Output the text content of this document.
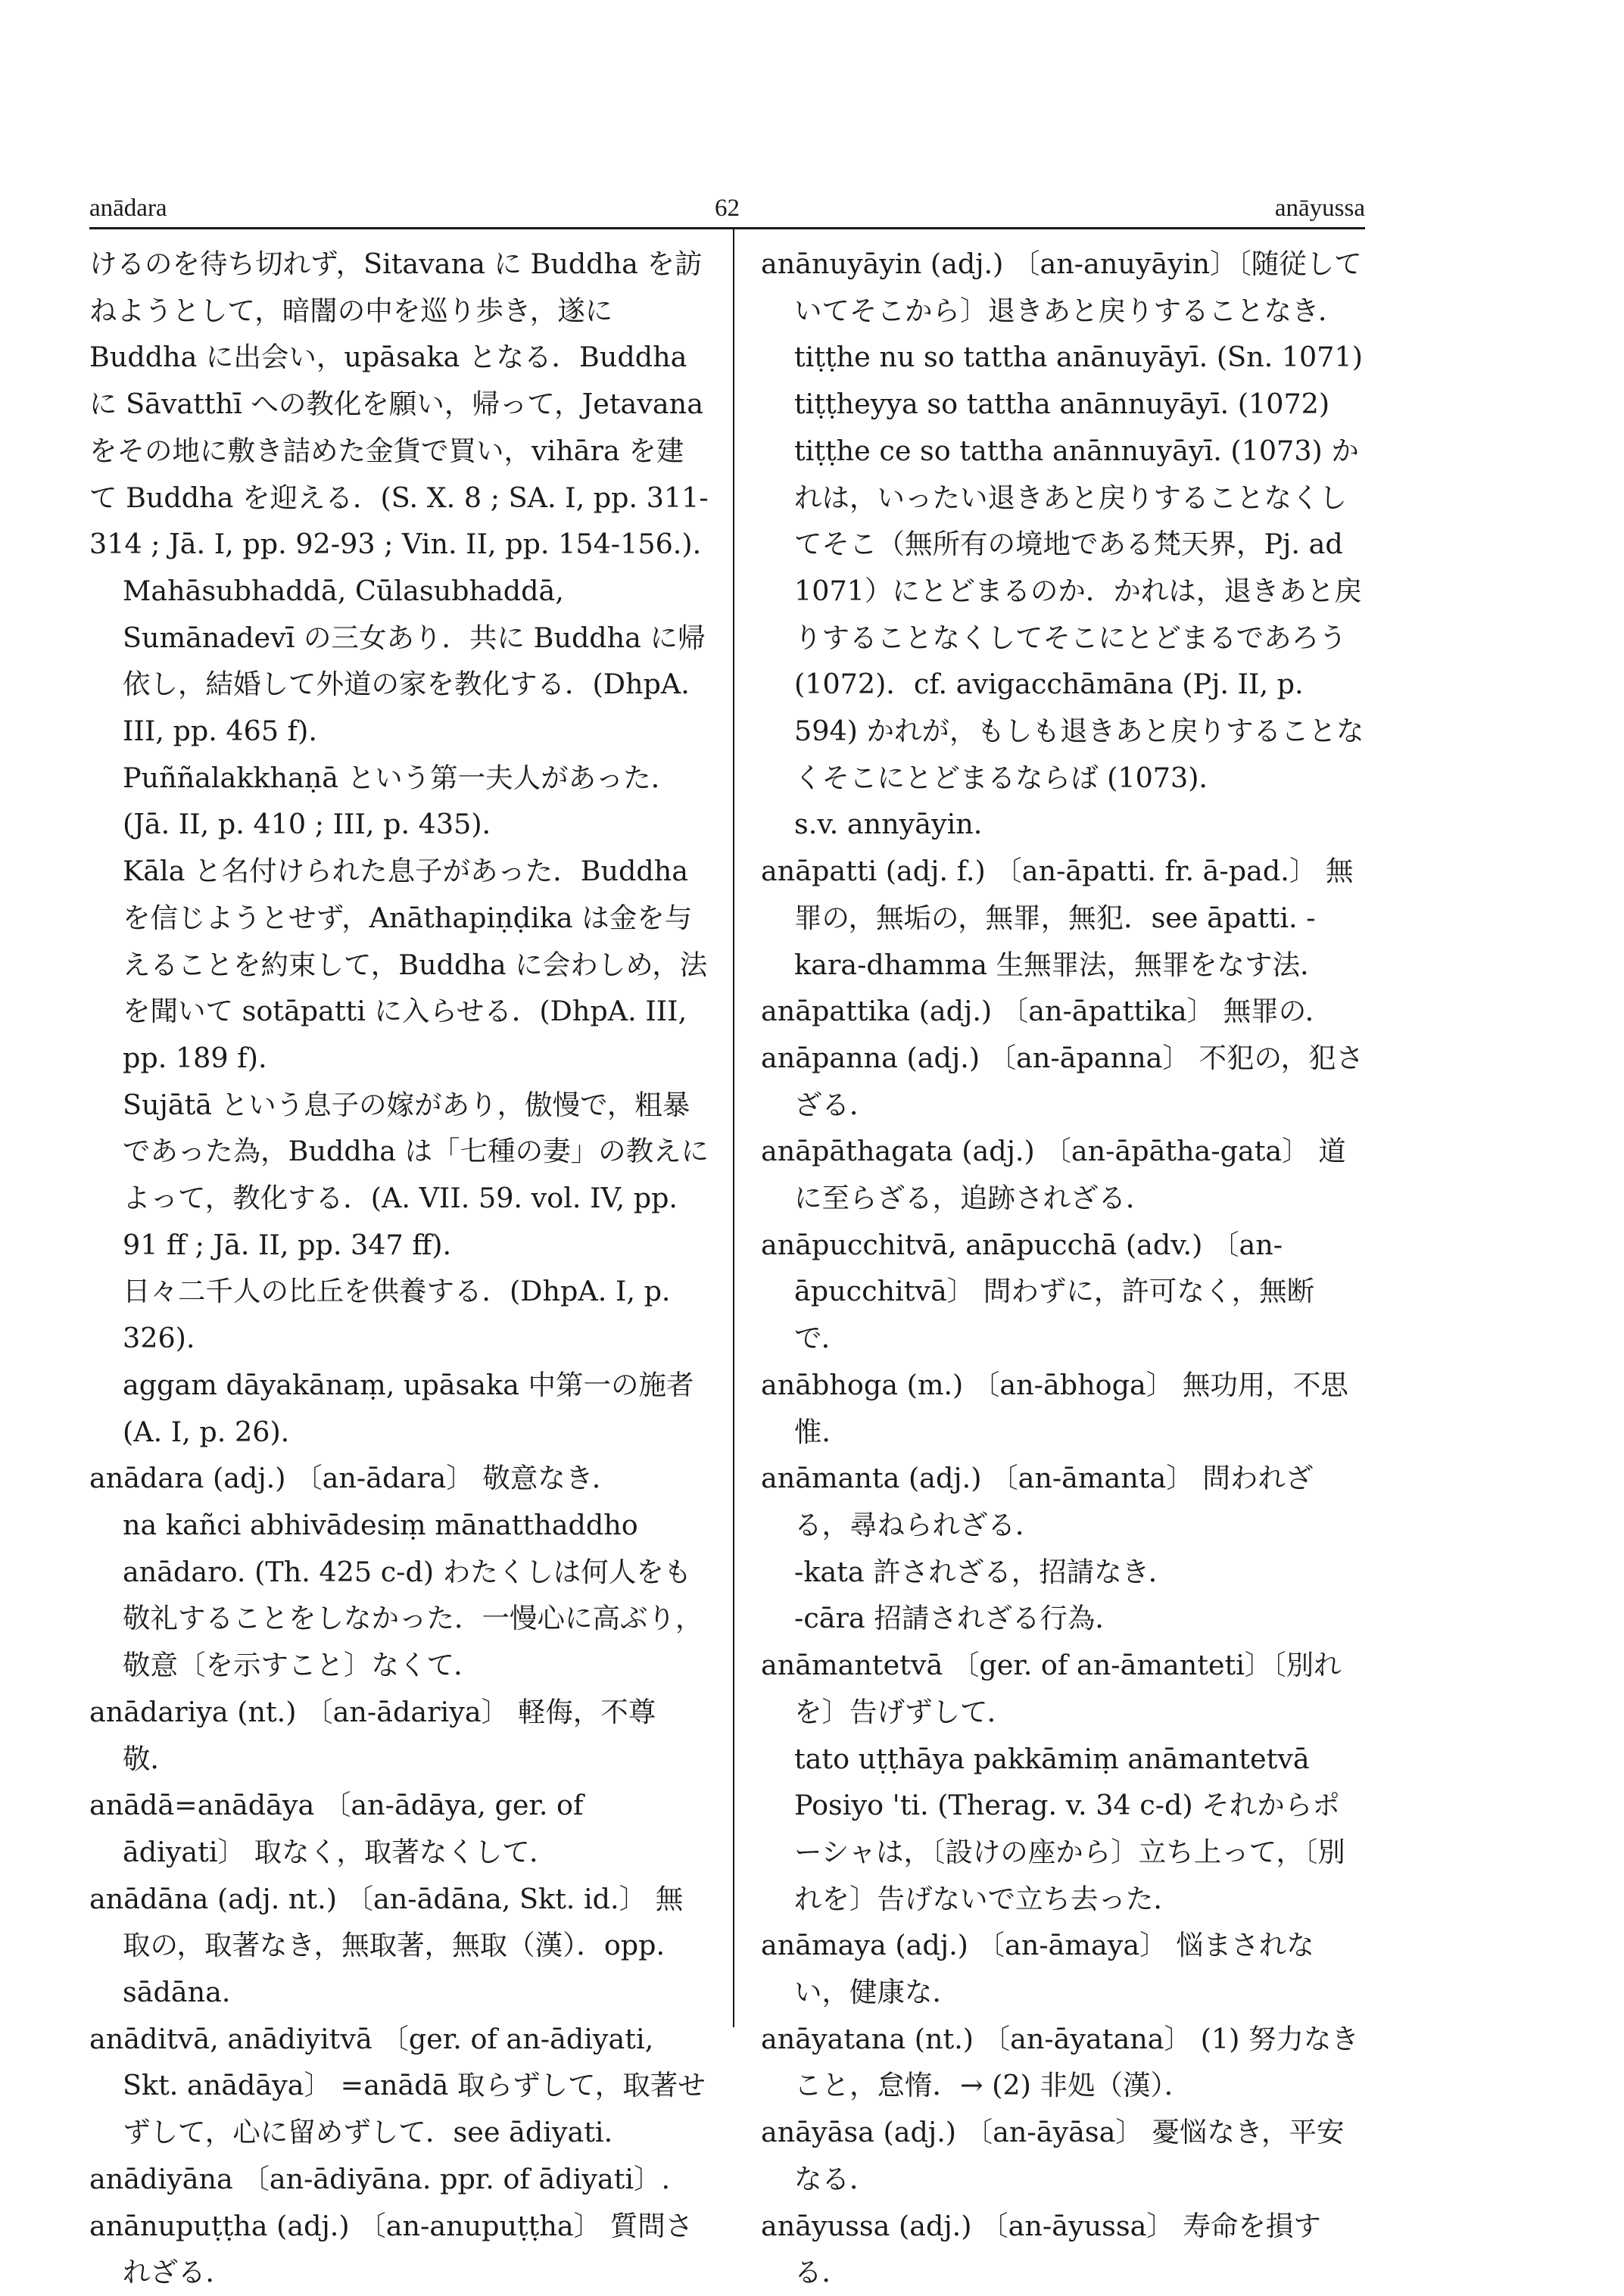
anādara	62	anāyussa

けるのを待ち切れず，Sitavana に Buddha を訪ねようとして，暗闇の中を巡り歩き，遂に Buddha に出会い，upāsaka となる．Buddha に Sāvatthī への教化を願い，帰って，Jetavana をその地に敷き詰めた金貨で買い，vihāra を建て Buddha を迎える．(S. X. 8 ; SA. I, pp. 311-314 ; Jā. I, pp. 92-93 ; Vin. II, pp. 154-156.).

Mahāsubhaddā, Cūlasubhaddā, Sumānadevī の三女あり．共に Buddha に帰依し，結婚して外道の家を教化する．(DhpA. III, pp. 465 f).

Puññalakkhaṇā という第一夫人があった．(Jā. II, p. 410 ; III, p. 435).

Kāla と名付けられた息子があった．Buddha を信じようとせず，Anāthapiṇḍika は金を与えることを約束して，Buddha に会わしめ，法を聞いて sotāpatti に入らせる．(DhpA. III, pp. 189 f).

Sujātā という息子の嫁があり，傲慢で，粗暴であった為，Buddha は「七種の妻」の教えによって，教化する．(A. VII. 59. vol. IV, pp. 91 ff ; Jā. II, pp. 347 ff).

日々二千人の比丘を供養する．(DhpA. I, p. 326).

aggam dāyakānaṃ, upāsaka 中第一の施者 (A. I, p. 26).

anādara (adj.) 〔an-ādara〕 敬意なき．

na kañci abhivādesiṃ mānatthaddho anādaro. (Th. 425 c-d) わたくしは何人をも敬礼することをしなかった．一慢心に高ぶり，敬意〔を示すこと〕なくて．

anādariya (nt.) 〔an-ādariya〕 軽侮，不尊敬．

anādā=anādāya 〔an-ādāya, ger. of ādiyati〕 取なく，取著なくして．

anādāna (adj. nt.) 〔an-ādāna, Skt. id.〕 無取の，取著なき，無取著，無取（漢）．opp. sādāna.

anāditvā, anādiyitvā 〔ger. of an-ādiyati, Skt. anādāya〕 =anādā 取らずして，取著せずして，心に留めずして．see ādiyati.

anādiyāna 〔an-ādiyāna. ppr. of ādiyati〕.

anānupuṭṭha (adj.) 〔an-anupuṭṭha〕 質問されざる．

anānuyāyin (adj.) 〔an-anuyāyin〕〔随従していてそこから〕退きあと戻りすることなき．

tiṭṭhe nu so tattha anānuyāyī. (Sn. 1071) tiṭṭheyya so tattha anānnuyāyī. (1072) tiṭṭhe ce so tattha anānnuyāyī. (1073) かれは，いったい退きあと戻りすることなくしてそこ（無所有の境地である梵天界，Pj. ad 1071）にとどまるのか．かれは，退きあと戻りすることなくしてそこにとどまるであろう (1072)．cf. avigacchāmāna (Pj. II, p. 594) かれが，もしも退きあと戻りすることなくそこにとどまるならば (1073)．

s.v. annyāyin.

anāpatti (adj. f.) 〔an-āpatti. fr. ā-pad.〕 無罪の，無垢の，無罪，無犯．see āpatti. -kara-dhamma 生無罪法，無罪をなす法．

anāpattika (adj.) 〔an-āpattika〕 無罪の．

anāpanna (adj.) 〔an-āpanna〕 不犯の，犯さざる．

anāpāthagata (adj.) 〔an-āpātha-gata〕 道に至らざる，追跡されざる．

anāpucchitvā, anāpucchā (adv.) 〔an-āpucchitvā〕 問わずに，許可なく，無断で．

anābhoga (m.) 〔an-ābhoga〕 無功用，不思惟．

anāmanta (adj.) 〔an-āmanta〕 問われざる，尋ねられざる．

-kata 許されざる，招請なき．

-cāra 招請されざる行為．

anāmantetvā 〔ger. of an-āmanteti〕〔別れを〕告げずして．

tato uṭṭhāya pakkāmiṃ anāmantetvā Posiyo 'ti. (Therag. v. 34 c-d) それからポーシャは，〔設けの座から〕立ち上って，〔別れを〕告げないで立ち去った．

anāmaya (adj.) 〔an-āmaya〕 悩まされない，健康な．

anāyatana (nt.) 〔an-āyatana〕 (1) 努力なきこと，怠惰．→ (2) 非処（漢）．

anāyāsa (adj.) 〔an-āyāsa〕 憂悩なき，平安なる．

anāyussa (adj.) 〔an-āyussa〕 寿命を損する．
